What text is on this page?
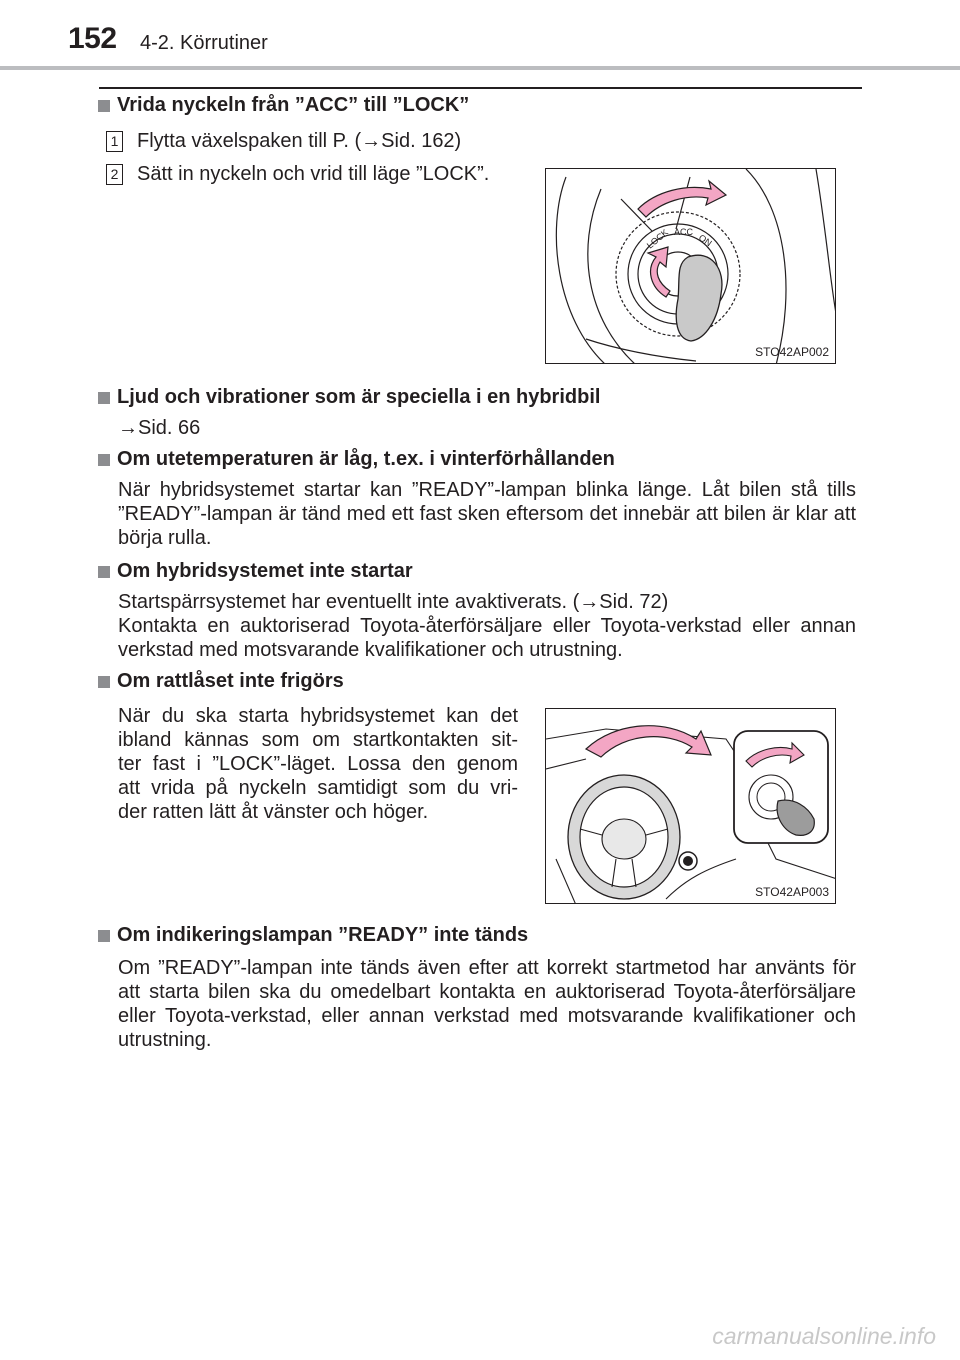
152 4-2. Körrutiner
Vrida nyckeln från ”ACC” till ”LOCK”
1 Flytta växelspaken till P. (→Sid. 162)
2 Sätt in nyckeln och vrid till läge ”LOCK”.
LOCK ACC
ON
STO42AP002
Ljud och vibrationer som är speciella i en hybridbil
→Sid. 66
Om utetemperaturen är låg, t.ex. i vinterförhållanden
När hybridsystemet startar kan ”READY”-lampan blinka länge. Låt bilen stå tills ”READY”-lampan är tänd med ett fast sken eftersom det innebär att bilen är klar att börja rulla.
Om hybridsystemet inte startar
Startspärrsystemet har eventuellt inte avaktiverats. (→Sid. 72)
Kontakta en auktoriserad Toyota-återförsäljare eller Toyota-verkstad eller annan verkstad med motsvarande kvalifikationer och utrustning.
Om rattlåset inte frigörs
När du ska starta hybridsystemet kan det
ibland kännas som om startkontakten sit-
ter fast i ”LOCK”-läget. Lossa den genom
att vrida på nyckeln samtidigt som du vri-
der ratten lätt åt vänster och höger.
STO42AP003
Om indikeringslampan ”READY” inte tänds
Om ”READY”-lampan inte tänds även efter att korrekt startmetod har använts för att starta bilen ska du omedelbart kontakta en auktoriserad Toyota-återförsäljare eller Toyota-verkstad, eller annan verkstad med motsvarande kvalifikationer och utrustning.
carmanualsonline.info
